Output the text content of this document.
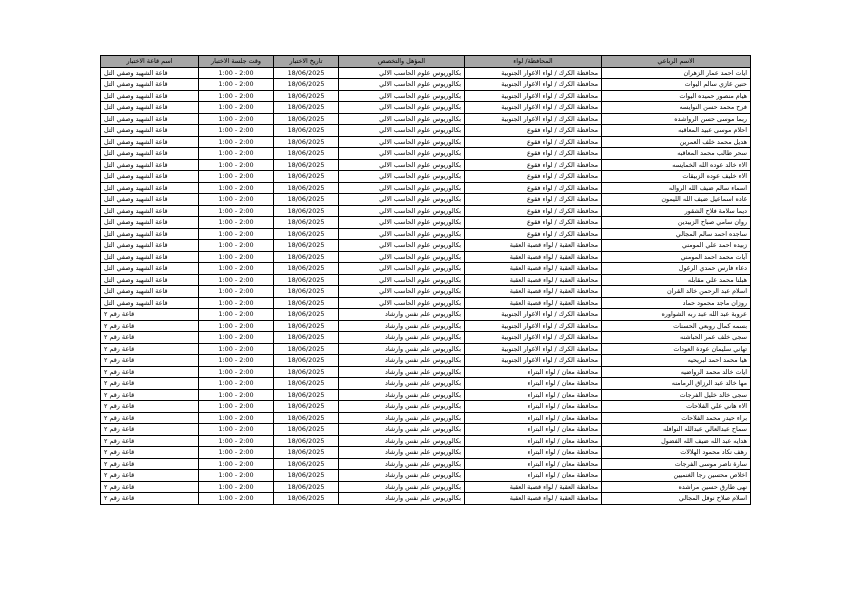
الاسم الرباعي	المحافظة/ لواء	المؤهل والتخصص	تاريخ الاختبار	وقت جلسة الاختبار	اسم قاعة الاختبار
ايات احمد عمار الزهران	محافظة الكرك / لواء الاغوار الجنوبية	بكالوريوس علوم الحاسب الالي	18/06/2025	2:00 - 1:00	قاعة الشهيد وصفي التل
حنين غازي سالم اليوات	محافظة الكرك / لواء الاغوار الجنوبية	بكالوريوس علوم الحاسب الالي	18/06/2025	2:00 - 1:00	قاعة الشهيد وصفي التل
هيام منصور حميده اليوات	محافظة الكرك / لواء الاغوار الجنوبية	بكالوريوس علوم الحاسب الالي	18/06/2025	2:00 - 1:00	قاعة الشهيد وصفي التل
فرح محمد حسن النوايسه	محافظة الكرك / لواء الاغوار الجنوبية	بكالوريوس علوم الحاسب الالي	18/06/2025	2:00 - 1:00	قاعة الشهيد وصفي التل
ربما موسى حسن الرواشده	محافظة الكرك / لواء الاغوار الجنوبية	بكالوريوس علوم الحاسب الالي	18/06/2025	2:00 - 1:00	قاعة الشهيد وصفي التل
احلام موسى عبيد المعاقبه	محافظة الكرك / لواء فقوع	بكالوريوس علوم الحاسب الالي	18/06/2025	2:00 - 1:00	قاعة الشهيد وصفي التل
هديل محمد خلف العمرين	محافظة الكرك / لواء فقوع	بكالوريوس علوم الحاسب الالي	18/06/2025	2:00 - 1:00	قاعة الشهيد وصفي التل
سحر طالب محمد المعاقبه	محافظة الكرك / لواء فقوع	بكالوريوس علوم الحاسب الالي	18/06/2025	2:00 - 1:00	قاعة الشهيد وصفي التل
الاء خالد عوده الله الخمايسه	محافظة الكرك / لواء فقوع	بكالوريوس علوم الحاسب الالي	18/06/2025	2:00 - 1:00	قاعة الشهيد وصفي التل
الاء خليف عوده الزبيقات	محافظة الكرك / لواء فقوع	بكالوريوس علوم الحاسب الالي	18/06/2025	2:00 - 1:00	قاعة الشهيد وصفي التل
اسماء سالم ضيف الله الرواله	محافظة الكرك / لواء فقوع	بكالوريوس علوم الحاسب الالي	18/06/2025	2:00 - 1:00	قاعة الشهيد وصفي التل
غاده اسماعيل ضيف الله الليمون	محافظة الكرك / لواء فقوع	بكالوريوس علوم الحاسب الالي	18/06/2025	2:00 - 1:00	قاعة الشهيد وصفي التل
ديما سلامة فلاح الشقور	محافظة الكرك / لواء فقوع	بكالوريوس علوم الحاسب الالي	18/06/2025	2:00 - 1:00	قاعة الشهيد وصفي التل
روان سامي صباح الزبيدين	محافظة الكرك / لواء فقوع	بكالوريوس علوم الحاسب الالي	18/06/2025	2:00 - 1:00	قاعة الشهيد وصفي التل
ساجده احمد سالم المجالي	محافظة الكرك / لواء فقوع	بكالوريوس علوم الحاسب الالي	18/06/2025	2:00 - 1:00	قاعة الشهيد وصفي التل
زبيده احمد علي المومني	محافظة العقبة / لواء قصبة العقبة	بكالوريوس علوم الحاسب الالي	18/06/2025	2:00 - 1:00	قاعة الشهيد وصفي التل
آيات محمد احمد المومني	محافظة العقبة / لواء قصبة العقبة	بكالوريوس علوم الحاسب الالي	18/06/2025	2:00 - 1:00	قاعة الشهيد وصفي التل
دعاء فارس حمدي الرغول	محافظة العقبة / لواء قصبة العقبة	بكالوريوس علوم الحاسب الالي	18/06/2025	2:00 - 1:00	قاعة الشهيد وصفي التل
هبلنا محمد علي مقابله	محافظة العقبة / لواء قصبة العقبة	بكالوريوس علوم الحاسب الالي	18/06/2025	2:00 - 1:00	قاعة الشهيد وصفي التل
اسلام عبد الرحمن خالد القران	محافظة العقبة / لواء قصبة العقبة	بكالوريوس علوم الحاسب الالي	18/06/2025	2:00 - 1:00	قاعة الشهيد وصفي التل
روزان ماجد محمود حماد	محافظة العقبة / لواء قصبة العقبة	بكالوريوس علوم الحاسب الالي	18/06/2025	2:00 - 1:00	قاعة الشهيد وصفي التل
عروبة عبد الله عبد ربه الشواوره	محافظة الكرك / لواء الاغوار الجنوبية	بكالوريوس علم نفس وارشاد	18/06/2025	2:00 - 1:00	قاعة رقم ٢
بسمه كمال روبعي الحسنات	محافظة الكرك / لواء الاغوار الجنوبية	بكالوريوس علم نفس وارشاد	18/06/2025	2:00 - 1:00	قاعة رقم ٢
سجى خلف عمر الحباشنه	محافظة الكرك / لواء الاغوار الجنوبية	بكالوريوس علم نفس وارشاد	18/06/2025	2:00 - 1:00	قاعة رقم ٢
تهاني سليمان عودة العودات	محافظة الكرك / لواء الاغوار الجنوبية	بكالوريوس علم نفس وارشاد	18/06/2025	2:00 - 1:00	قاعة رقم ٢
هيا محمد احمد لبريحيه	محافظة الكرك / لواء الاغوار الجنوبية	بكالوريوس علم نفس وارشاد	18/06/2025	2:00 - 1:00	قاعة رقم ٢
ايات خالد محمد الرواضيه	محافظة معان / لواء البتراء	بكالوريوس علم نفس وارشاد	18/06/2025	2:00 - 1:00	قاعة رقم ٢
مها خالد عبد الرزاق الرمامنه	محافظة معان / لواء البتراء	بكالوريوس علم نفس وارشاد	18/06/2025	2:00 - 1:00	قاعة رقم ٢
سجى خالد خليل الفرجات	محافظة معان / لواء البتراء	بكالوريوس علم نفس وارشاد	18/06/2025	2:00 - 1:00	قاعة رقم ٢
الاء هاني علي الفلاحات	محافظة معان / لواء البتراء	بكالوريوس علم نفس وارشاد	18/06/2025	2:00 - 1:00	قاعة رقم ٢
براء حيدر محمد الفلاحات	محافظة معان / لواء البتراء	بكالوريوس علم نفس وارشاد	18/06/2025	2:00 - 1:00	قاعة رقم ٢
سماح عبدالعالي عبدالله النوافله	محافظة معان / لواء البتراء	بكالوريوس علم نفس وارشاد	18/06/2025	2:00 - 1:00	قاعة رقم ٢
هدايه عبد الله ضيف الله الفضول	محافظة معان / لواء البتراء	بكالوريوس علم نفس وارشاد	18/06/2025	2:00 - 1:00	قاعة رقم ٢
رهف نكاد محمود الهلالات	محافظة معان / لواء البتراء	بكالوريوس علم نفس وارشاد	18/06/2025	2:00 - 1:00	قاعة رقم ٢
سارة ناصر موسى الفرجات	محافظة معان / لواء البتراء	بكالوريوس علم نفس وارشاد	18/06/2025	2:00 - 1:00	قاعة رقم ٢
اخلاص محسين رجا الغنميين	محافظة معان / لواء البتراء	بكالوريوس علم نفس وارشاد	18/06/2025	2:00 - 1:00	قاعة رقم ٢
نهى طارق حسين مراشده	محافظة العقبة / لواء قصبة العقبة	بكالوريوس علم نفس وارشاد	18/06/2025	2:00 - 1:00	قاعة رقم ٢
اسلام صلاح نوفل المجالي	محافظة العقبة / لواء قصبة العقبة	بكالوريوس علم نفس وارشاد	18/06/2025	2:00 - 1:00	قاعة رقم ٢
